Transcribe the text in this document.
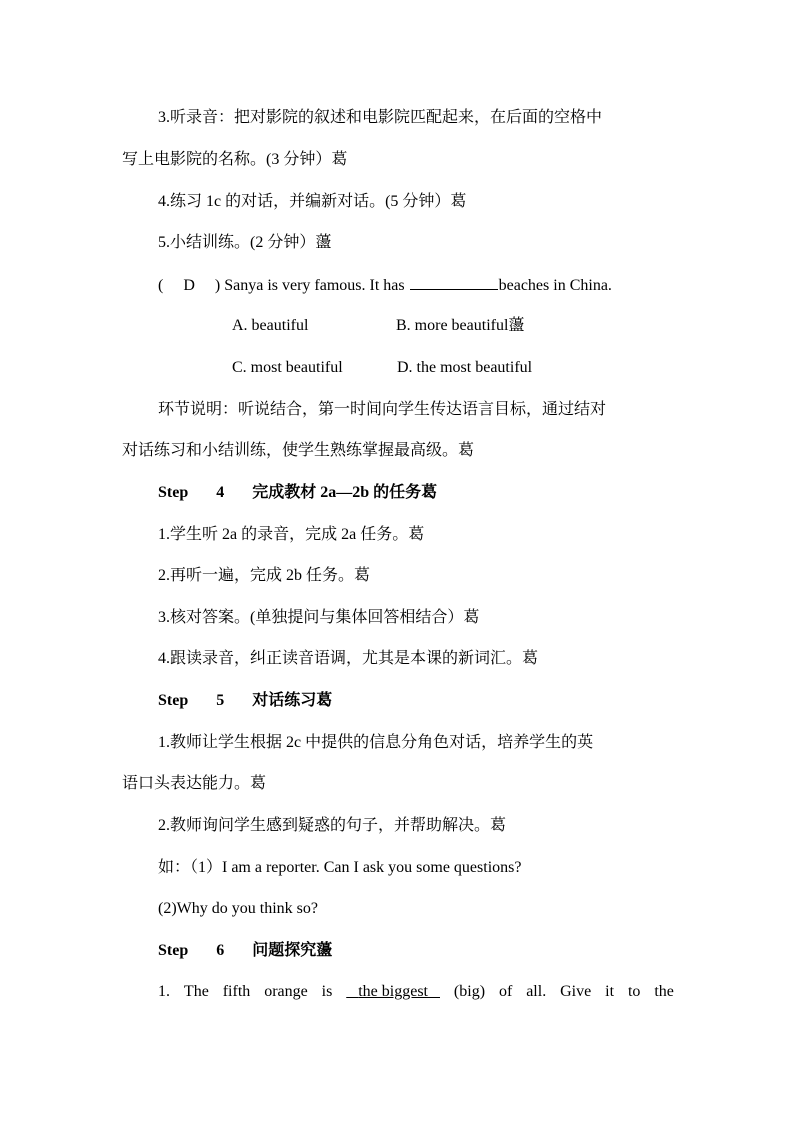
3.听录音：把对影院的叙述和电影院匹配起来，在后面的空格中
写上电影院的名称。(3 分钟）葛
4.练习 1c 的对话，并编新对话。(5 分钟）葛
5.小结训练。(2 分钟）蘯
( D ) Sanya is very famous. It has	beaches in China.
A. beautiful	B. more beautiful蘯
C. most beautiful	D. the most beautiful
环节说明：听说结合，第一时间向学生传达语言目标，通过结对
对话练习和小结训练，使学生熟练掌握最高级。葛
Step 4 完成教材 2a—2b 的任务葛
1.学生听 2a 的录音，完成 2a 任务。葛
2.再听一遍，完成 2b 任务。葛
3.核对答案。(单独提问与集体回答相结合）葛
4.跟读录音，纠正读音语调，尤其是本课的新词汇。葛
Step 5 对话练习葛
1.教师让学生根据 2c 中提供的信息分角色对话，培养学生的英
语口头表达能力。葛
2.教师询问学生感到疑惑的句子，并帮助解决。葛
如：（1）I am a reporter. Can I ask you some questions?
(2)Why do you think so?
Step 6 问题探究蘯
1. The fifth orange is	the biggest	(big) of all. Give it to the
